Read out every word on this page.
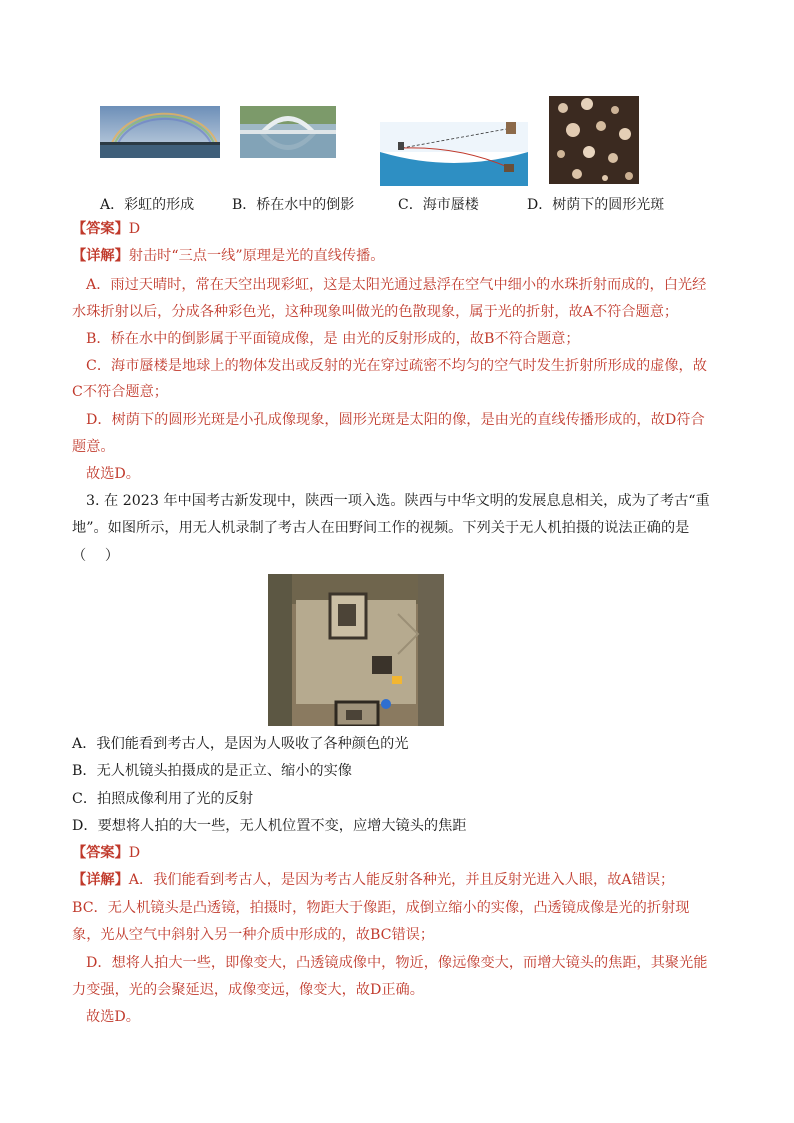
A．彩虹的形成	B．桥在水中的倒影	C．海市蜃楼	D．树荫下的圆形光斑
【答案】D
【详解】射击时“三点一线”原理是光的直线传播。
A．雨过天晴时，常在天空出现彩虹，这是太阳光通过悬浮在空气中细小的水珠折射而成的，白光经
水珠折射以后，分成各种彩色光，这种现象叫做光的色散现象，属于光的折射，故A不符合题意；
B．桥在水中的倒影属于平面镜成像，是 由光的反射形成的，故B不符合题意；
C．海市蜃楼是地球上的物体发出或反射的光在穿过疏密不均匀的空气时发生折射所形成的虚像，故
C不符合题意；
D．树荫下的圆形光斑是小孔成像现象，圆形光斑是太阳的像，是由光的直线传播形成的，故D符合
题意。
故选D。
3. 在 2023 年中国考古新发现中，陕西一项入选。陕西与中华文明的发展息息相关，成为了考古“重
地”。如图所示，用无人机录制了考古人在田野间工作的视频。下列关于无人机拍摄的说法正确的是
（　 ）
A．我们能看到考古人，是因为人吸收了各种颜色的光
B．无人机镜头拍摄成的是正立、缩小的实像
C．拍照成像利用了光的反射
D．要想将人拍的大一些，无人机位置不变，应增大镜头的焦距
【答案】D
【详解】A．我们能看到考古人，是因为考古人能反射各种光，并且反射光进入人眼，故A错误；
BC．无人机镜头是凸透镜，拍摄时，物距大于像距，成倒立缩小的实像，凸透镜成像是光的折射现
象，光从空气中斜射入另一种介质中形成的，故BC错误；
D．想将人拍大一些，即像变大，凸透镜成像中，物近，像远像变大，而增大镜头的焦距，其聚光能
力变强，光的会聚延迟，成像变远，像变大，故D正确。
故选D。
